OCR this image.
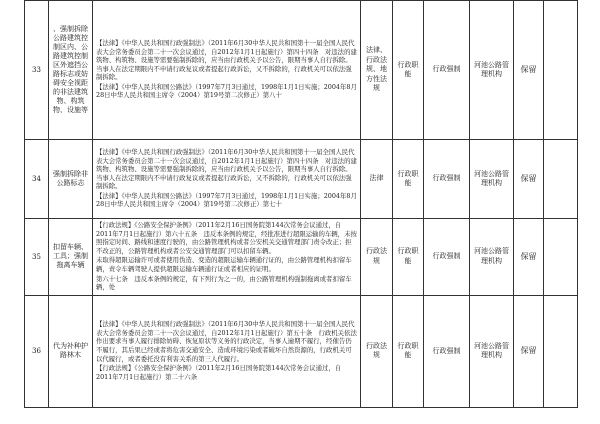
33	、强制拆除公路建筑控制区内、公路建筑控制区外遮挡公路标志或妨碍安全视距的非法建筑物、构筑物、设施等	【法律】《中华人民共和国行政强制法》（2011年6月30中华人民共和国第十一届全国人民代表大会常务委员会第二十一次会议通过，自2012年1月1日起施行）第四十四条　对违法的建筑物、构筑物、设施等需要强制拆除的，应当由行政机关予以公告，限期当事人自行拆除。当事人在法定期限内不申请行政复议或者提起行政诉讼，又不拆除的，行政机关可以依法强制拆除。

【法律】《中华人民共和国公路法》（1997年7月3日通过，1998年1月1日实施；2004年8月28日中华人民共和国主席令（2004）第19号第二次修正）第八十	法律、行政法规、地方性法规	行政职能	行政强制	河池公路管理机构	保留	
34	强制拆除非公路标志	【法律】《中华人民共和国行政强制法》（2011年6月30中华人民共和国第十一届全国人民代表大会常务委员会第二十一次会议通过，自2012年1月1日起施行）第四十四条　对违法的建筑物、构筑物、设施等需要强制拆除的，应当由行政机关予以公告，限期当事人自行拆除。当事人在法定期限内不申请行政复议或者提起行政诉讼，又不拆除的，行政机关可以依法强制拆除。

【法律】《中华人民共和国公路法》（1997年7月3日通过，1998年1月1日实施；2004年8月28日中华人民共和国主席令（2004）第19号第二次修正）第七十	法律	行政职能	行政强制	河池公路管理机构	保留	
35	扣留车辆、工具；强制拖离车辆	【行政法规】《公路安全保护条例》（2011年2月16日国务院第144次常务会议通过，自2011年7月1日起施行）第六十五条　违反本条例的规定，经批准进行超限运输的车辆，未按照指定时间、路线和速度行驶的，由公路管理机构或者公安机关交通管理部门责令改正；拒不改正的，公路管理机构或者公安交通管理部门可以扣留车辆。

未取得超限运输许可或者使用伪造、变造的超限运输车辆通行证的，由公路管理机构扣留车辆，责令车辆驾驶人提供超限运输车辆通行证或者相应的证明。

第六十七条　违反本条例的规定，有下列行为之一的，由公路管理机构强制拖离或者扣留车辆，处	行政法规	行政职能	行政强制	河池公路管理机构	保留	
36	代为补种护路林木	【法律】《中华人民共和国行政强制法》（2011年6月30中华人民共和国第十一届全国人民代表大会常务委员会第二十一次会议通过，自2012年1月1日起施行）第五十条　行政机关依法作出要求当事人履行排除妨碍、恢复原状等义务的行政决定，当事人逾期不履行，经催告仍不履行，其后果已经或者将危害交通安全、造成环境污染或者破坏自然资源的，行政机关可以代履行，或者委托没有利害关系的第三人代履行。

【行政法规】《公路安全保护条例》（2011年2月16日国务院第144次常务会议通过，自2011年7月1日起施行）第二十六条	行政法规	行政职能	行政强制	河池公路管理机构	保留	
